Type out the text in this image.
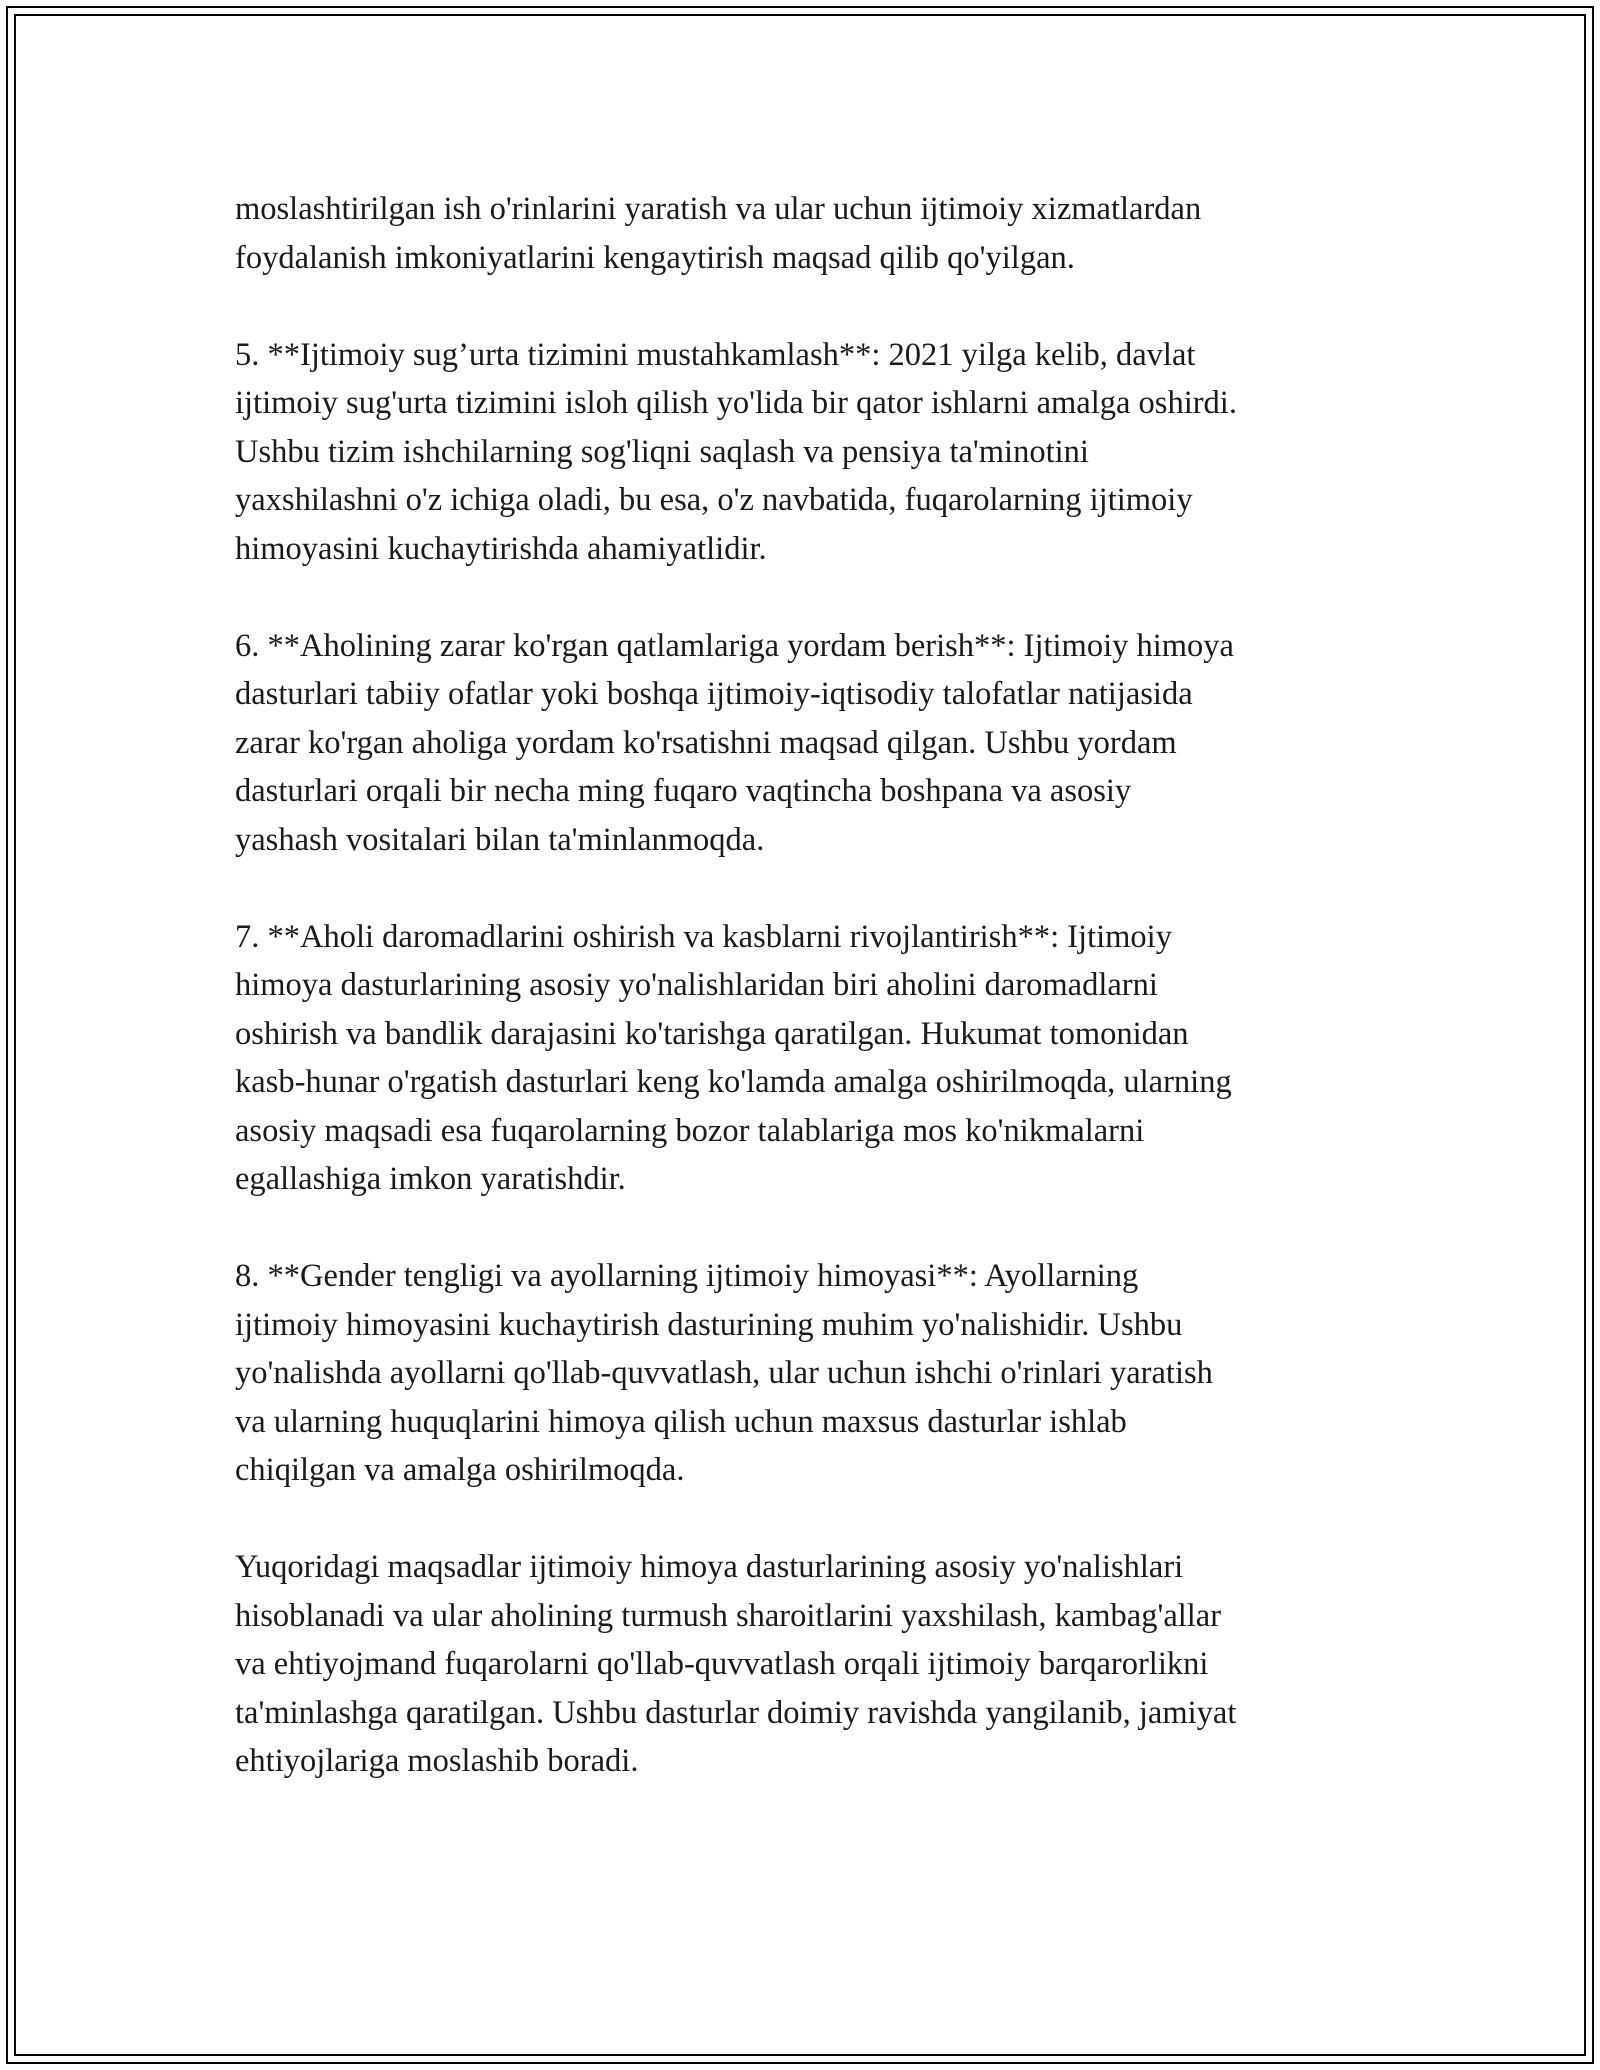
moslashtirilgan ish o'rinlarini yaratish va ular uchun ijtimoiy xizmatlardan
foydalanish imkoniyatlarini kengaytirish maqsad qilib qo'yilgan.

5. **Ijtimoiy sug’urta tizimini mustahkamlash**: 2021 yilga kelib, davlat
ijtimoiy sug'urta tizimini isloh qilish yo'lida bir qator ishlarni amalga oshirdi.
Ushbu tizim ishchilarning sog'liqni saqlash va pensiya ta'minotini
yaxshilashni o'z ichiga oladi, bu esa, o'z navbatida, fuqarolarning ijtimoiy
himoyasini kuchaytirishda ahamiyatlidir.

6. **Aholining zarar ko'rgan qatlamlariga yordam berish**: Ijtimoiy himoya
dasturlari tabiiy ofatlar yoki boshqa ijtimoiy-iqtisodiy talofatlar natijasida
zarar ko'rgan aholiga yordam ko'rsatishni maqsad qilgan. Ushbu yordam
dasturlari orqali bir necha ming fuqaro vaqtincha boshpana va asosiy
yashash vositalari bilan ta'minlanmoqda.

7. **Aholi daromadlarini oshirish va kasblarni rivojlantirish**: Ijtimoiy
himoya dasturlarining asosiy yo'nalishlaridan biri aholini daromadlarni
oshirish va bandlik darajasini ko'tarishga qaratilgan. Hukumat tomonidan
kasb-hunar o'rgatish dasturlari keng ko'lamda amalga oshirilmoqda, ularning
asosiy maqsadi esa fuqarolarning bozor talablariga mos ko'nikmalarni
egallashiga imkon yaratishdir.

8. **Gender tengligi va ayollarning ijtimoiy himoyasi**: Ayollarning
ijtimoiy himoyasini kuchaytirish dasturining muhim yo'nalishidir. Ushbu
yo'nalishda ayollarni qo'llab-quvvatlash, ular uchun ishchi o'rinlari yaratish
va ularning huquqlarini himoya qilish uchun maxsus dasturlar ishlab
chiqilgan va amalga oshirilmoqda.

Yuqoridagi maqsadlar ijtimoiy himoya dasturlarining asosiy yo'nalishlari
hisoblanadi va ular aholining turmush sharoitlarini yaxshilash, kambag'allar
va ehtiyojmand fuqarolarni qo'llab-quvvatlash orqali ijtimoiy barqarorlikni
ta'minlashga qaratilgan. Ushbu dasturlar doimiy ravishda yangilanib, jamiyat
ehtiyojlariga moslashib boradi.
